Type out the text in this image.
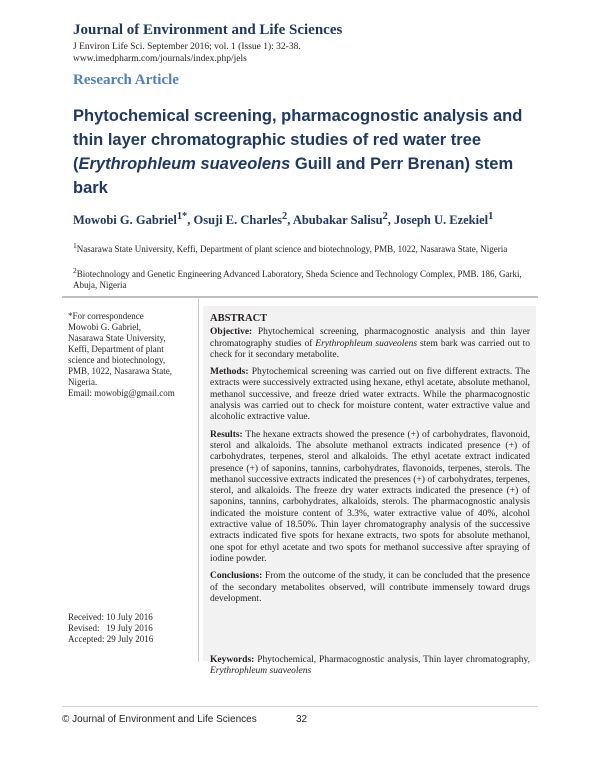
Journal of Environment and Life Sciences
J Environ Life Sci. September 2016; vol. 1 (Issue 1): 32-38.
www.imedpharm.com/journals/index.php/jels
Research Article
Phytochemical screening, pharmacognostic analysis and thin layer chromatographic studies of red water tree (Erythrophleum suaveolens Guill and Perr Brenan) stem bark
Mowobi G. Gabriel$^{1*}$, Osuji E. Charles$^2$, Abubakar Salisu$^2$, Joseph U. Ezekiel$^1$
$^1$Nasarawa State University, Keffi, Department of plant science and biotechnology, PMB, 1022, Nasarawa State, Nigeria
$^2$Biotechnology and Genetic Engineering Advanced Laboratory, Sheda Science and Technology Complex, PMB. 186, Garki, Abuja, Nigeria
*For correspondence
Mowobi G. Gabriel,
Nasarawa State University,
Keffi, Department of plant
science and biotechnology,
PMB, 1022, Nasarawa State,
Nigeria.
Email: mowobig@gmail.com
Received: 10 July 2016
Revised:   19 July 2016
Accepted: 29 July 2016
ABSTRACT

Objective: Phytochemical screening, pharmacognostic analysis and thin layer chromatography studies of Erythrophleum suaveolens stem bark was carried out to check for it secondary metabolite.

Methods: Phytochemical screening was carried out on five different extracts. The extracts were successively extracted using hexane, ethyl acetate, absolute methanol, methanol successive, and freeze dried water extracts. While the pharmacognostic analysis was carried out to check for moisture content, water extractive value and alcoholic extractive value.

Results: The hexane extracts showed the presence (+) of carbohydrates, flavonoid, sterol and alkaloids. The absolute methanol extracts indicated presence (+) of carbohydrates, terpenes, sterol and alkaloids. The ethyl acetate extract indicated presence (+) of saponins, tannins, carbohydrates, flavonoids, terpenes, sterols. The methanol successive extracts indicated the presences (+) of carbohydrates, terpenes, sterol, and alkaloids. The freeze dry water extracts indicated the presence (+) of saponins, tannins, carbohydrates, alkaloids, sterols. The pharmacognostic analysis indicated the moisture content of 3.3%, water extractive value of 40%, alcohol extractive value of 18.50%. Thin layer chromatography analysis of the successive extracts indicated five spots for hexane extracts, two spots for absolute methanol, one spot for ethyl acetate and two spots for methanol successive after spraying of iodine powder.

Conclusions: From the outcome of the study, it can be concluded that the presence of the secondary metabolites observed, will contribute immensely toward drugs development.

Keywords: Phytochemical, Pharmacognostic analysis, Thin layer chromatography, Erythrophleum suaveolens
© Journal of Environment and Life Sciences	32
